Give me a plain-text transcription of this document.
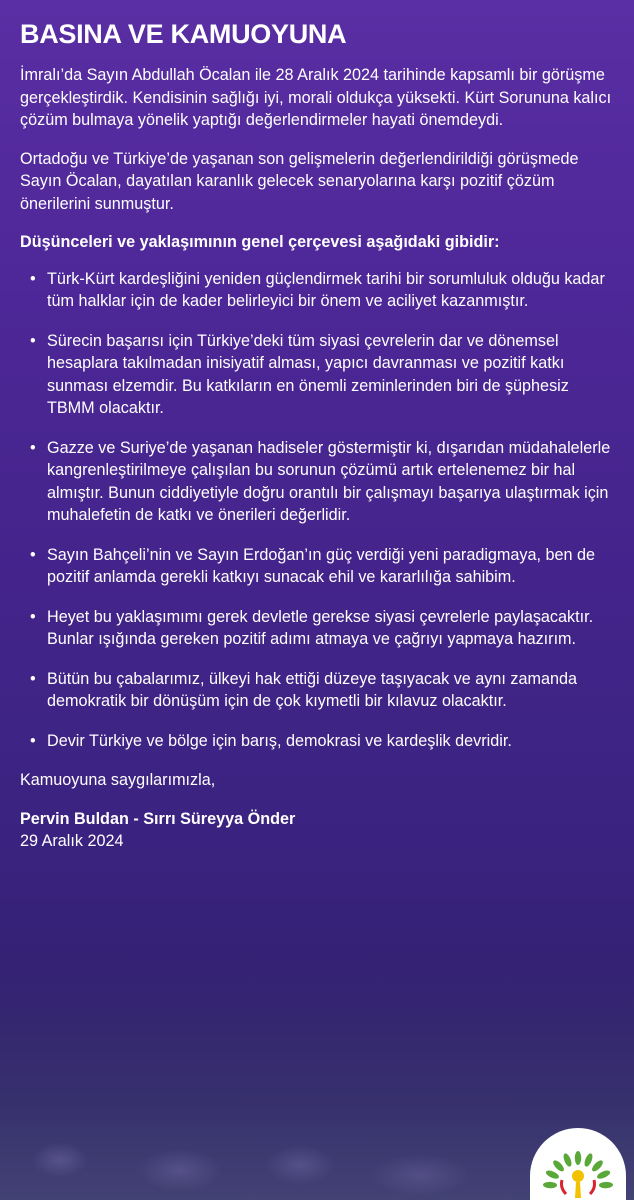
BASINA VE KAMUOYUNA

İmralı’da Sayın Abdullah Öcalan ile 28 Aralık 2024 tarihinde kapsamlı bir görüşme gerçekleştirdik. Kendisinin sağlığı iyi, morali oldukça yüksekti. Kürt Sorununa kalıcı çözüm bulmaya yönelik yaptığı değerlendirmeler hayati önemdeydi.

Ortadoğu ve Türkiye’de yaşanan son gelişmelerin değerlendirildiği görüşmede Sayın Öcalan, dayatılan karanlık gelecek senaryolarına karşı pozitif çözüm önerilerini sunmuştur.

Düşünceleri ve yaklaşımının genel çerçevesi aşağıdaki gibidir:

• Türk-Kürt kardeşliğini yeniden güçlendirmek tarihi bir sorumluluk olduğu kadar tüm halklar için de kader belirleyici bir önem ve aciliyet kazanmıştır.
• Sürecin başarısı için Türkiye’deki tüm siyasi çevrelerin dar ve dönemsel hesaplara takılmadan inisiyatif alması, yapıcı davranması ve pozitif katkı sunması elzemdir. Bu katkıların en önemli zeminlerinden biri de şüphesiz TBMM olacaktır.
• Gazze ve Suriye’de yaşanan hadiseler göstermiştir ki, dışarıdan müdahalelerle kangrenleştirilmeye çalışılan bu sorunun çözümü artık ertelenemez bir hal almıştır. Bunun ciddiyetiyle doğru orantılı bir çalışmayı başarıya ulaştırmak için muhalefetin de katkı ve önerileri değerlidir.
• Sayın Bahçeli’nin ve Sayın Erdoğan’ın güç verdiği yeni paradigmaya, ben de pozitif anlamda gerekli katkıyı sunacak ehil ve kararlılığa sahibim.
• Heyet bu yaklaşımımı gerek devletle gerekse siyasi çevrelerle paylaşacaktır. Bunlar ışığında gereken pozitif adımı atmaya ve çağrıyı yapmaya hazırım.
• Bütün bu çabalarımız, ülkeyi hak ettiği düzeye taşıyacak ve aynı zamanda demokratik bir dönüşüm için de çok kıymetli bir kılavuz olacaktır.
• Devir Türkiye ve bölge için barış, demokrasi ve kardeşlik devridir.

Kamuoyuna saygılarımızla,

Pervin Buldan - Sırrı Süreyya Önder

29 Aralık 2024
